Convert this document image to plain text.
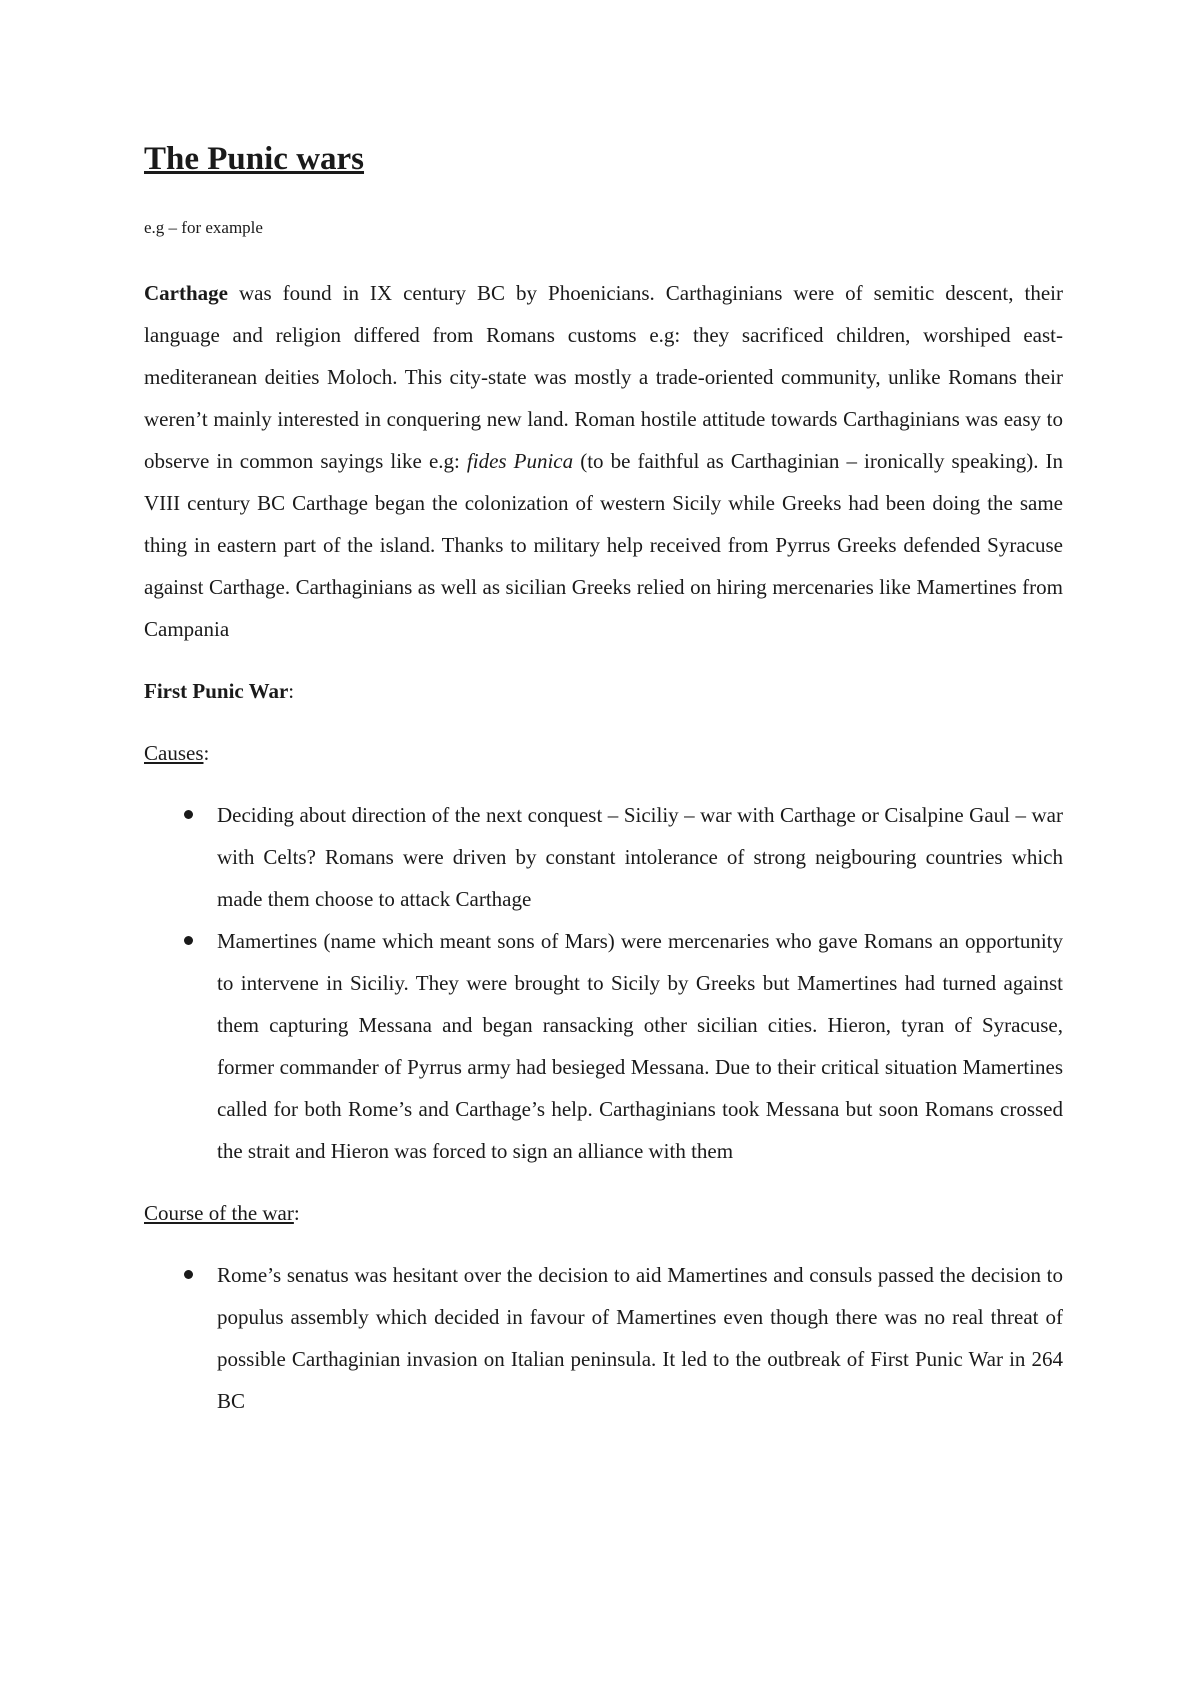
The Punic wars

e.g – for example

Carthage was found in IX century BC by Phoenicians. Carthaginians were of semitic descent, their language and religion differed from Romans customs e.g: they sacrificed children, worshiped east-mediteranean deities Moloch. This city-state was mostly a trade-oriented community, unlike Romans their weren’t mainly interested in conquering new land. Roman hostile attitude towards Carthaginians was easy to observe in common sayings like e.g: fides Punica (to be faithful as Carthaginian – ironically speaking). In VIII century BC Carthage began the colonization of western Sicily while Greeks had been doing the same thing in eastern part of the island. Thanks to military help received from Pyrrus Greeks defended Syracuse against Carthage. Carthaginians as well as sicilian Greeks relied on hiring mercenaries like Mamertines from Campania

First Punic War:

Causes:

Deciding about direction of the next conquest – Siciliy – war with Carthage or Cisalpine Gaul – war with Celts? Romans were driven by constant intolerance of strong neigbouring countries which made them choose to attack Carthage
Mamertines (name which meant sons of Mars) were mercenaries who gave Romans an opportunity to intervene in Siciliy. They were brought to Sicily by Greeks but Mamertines had turned against them capturing Messana and began ransacking other sicilian cities. Hieron, tyran of Syracuse, former commander of Pyrrus army had besieged Messana. Due to their critical situation Mamertines called for both Rome’s and Carthage’s help. Carthaginians took Messana but soon Romans crossed the strait and Hieron was forced to sign an alliance with them

Course of the war:

Rome’s senatus was hesitant over the decision to aid Mamertines and consuls passed the decision to populus assembly which decided in favour of Mamertines even though there was no real threat of possible Carthaginian invasion on Italian peninsula. It led to the outbreak of First Punic War in 264 BC
